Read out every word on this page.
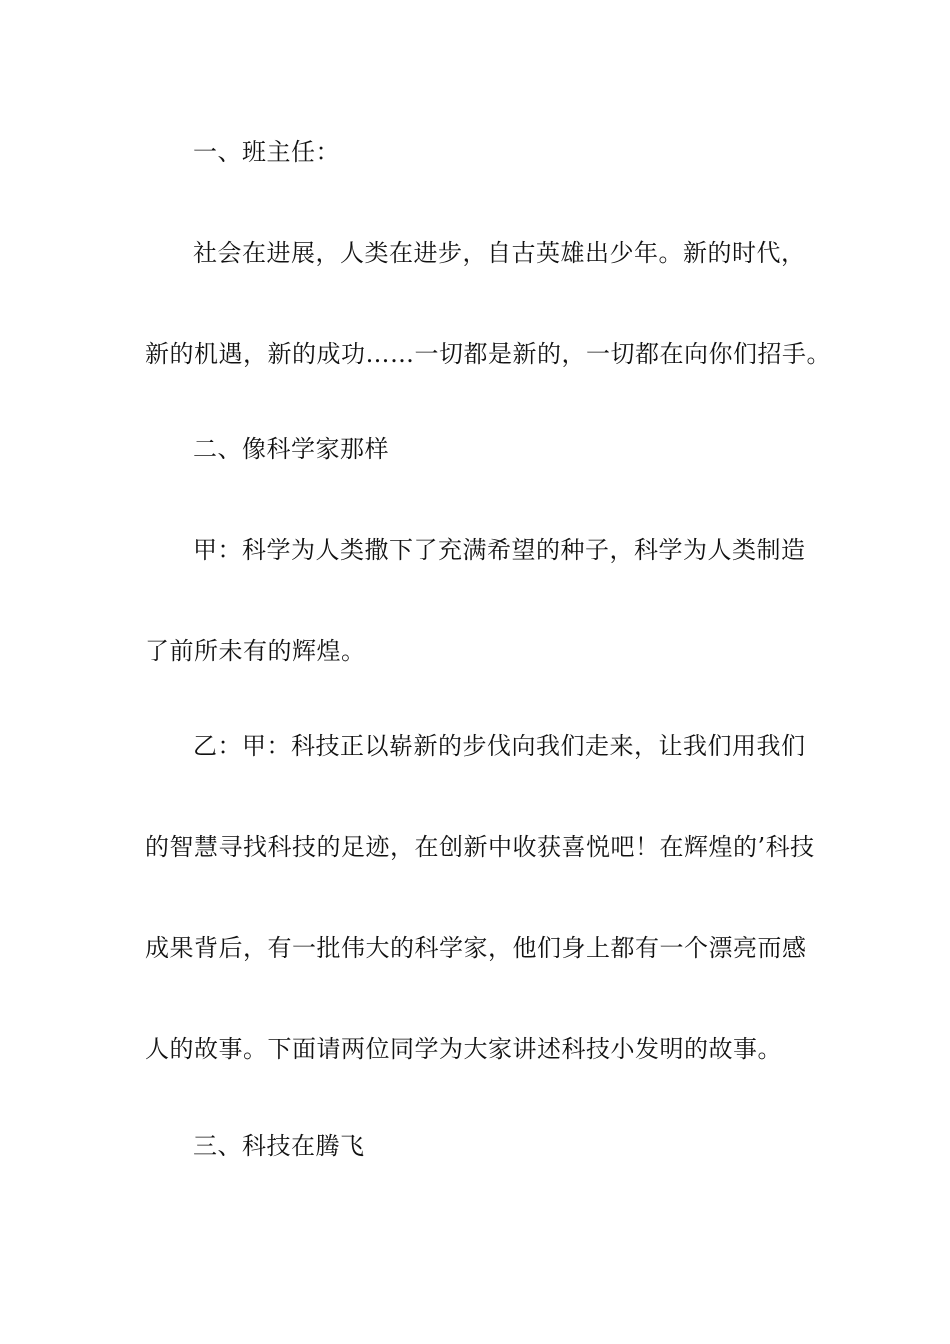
一、班主任：
社会在进展，人类在进步，自古英雄出少年。新的时代，
新的机遇，新的成功……一切都是新的，一切都在向你们招手。
二、像科学家那样
甲：科学为人类撒下了充满希望的种子，科学为人类制造
了前所未有的辉煌。
乙：甲：科技正以崭新的步伐向我们走来，让我们用我们
的智慧寻找科技的足迹，在创新中收获喜悦吧！在辉煌的’科技
成果背后，有一批伟大的科学家，他们身上都有一个漂亮而感
人的故事。下面请两位同学为大家讲述科技小发明的故事。
三、科技在腾飞
